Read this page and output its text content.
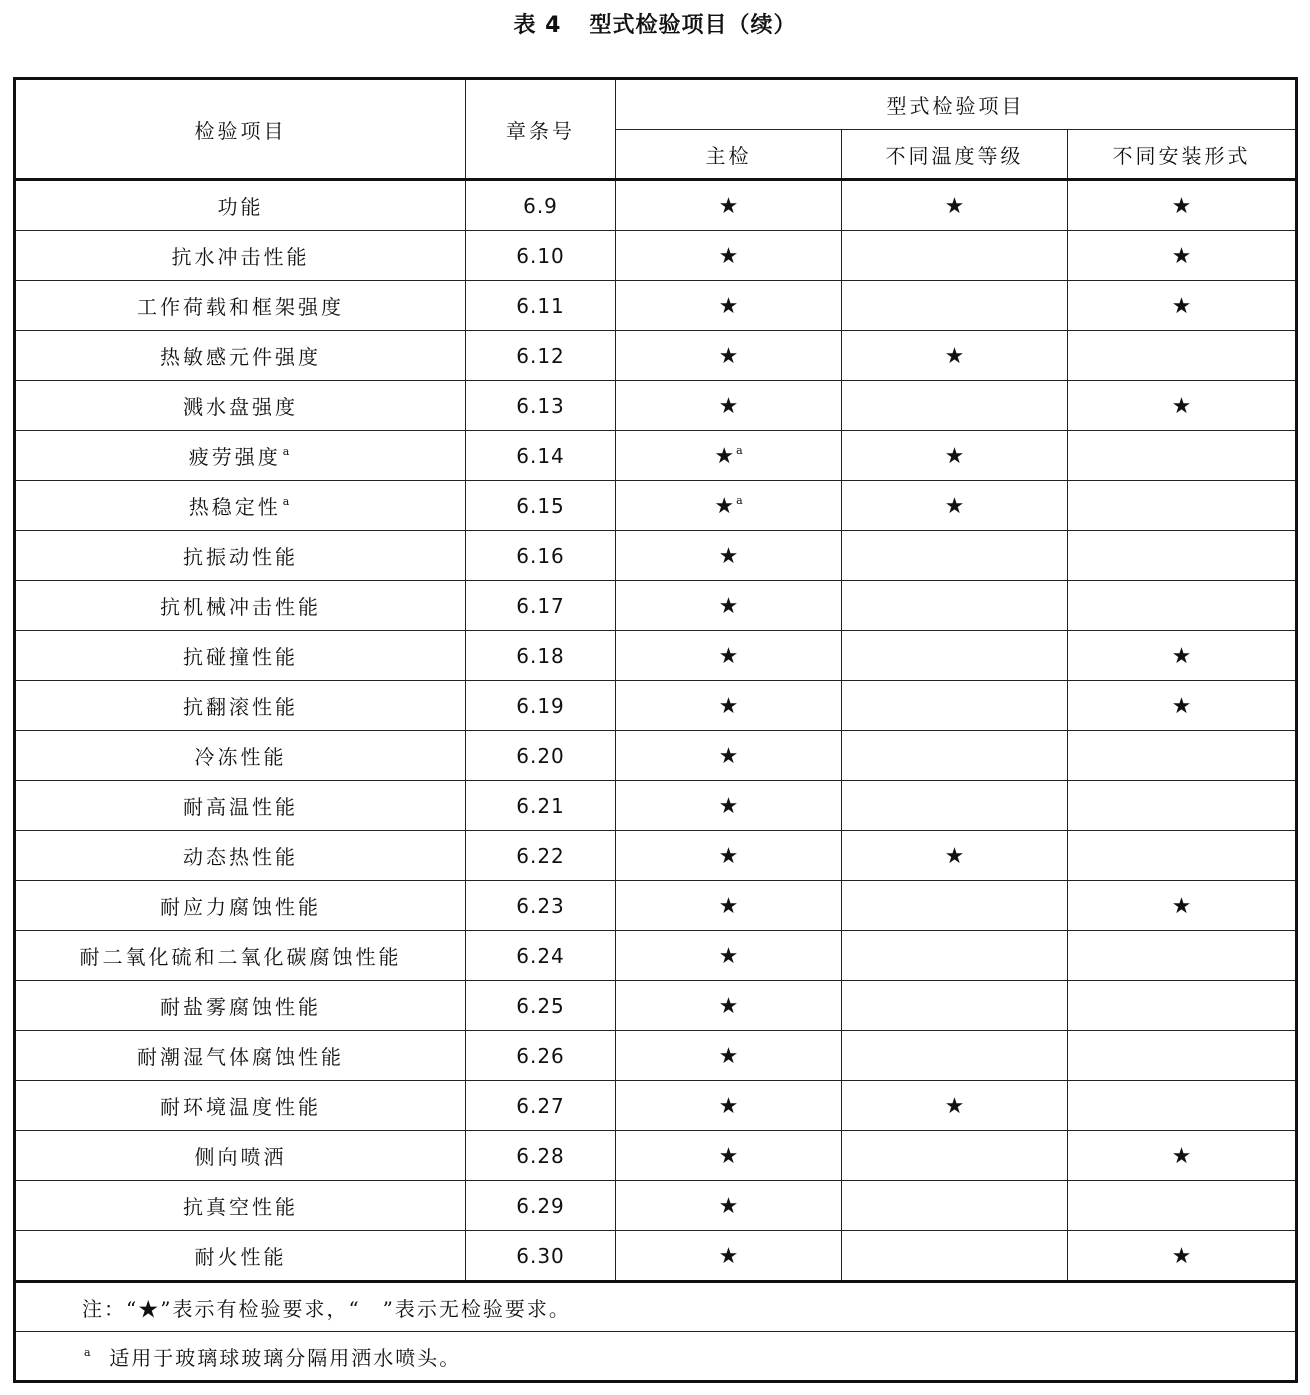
表 4 型式检验项目（续）
检验项目	章条号	型式检验项目		
		主检	不同温度等级	不同安装形式
功能	6.9	★	★	★
抗水冲击性能	6.10	★		★
工作荷载和框架强度	6.11	★		★
热敏感元件强度	6.12	★	★	
溅水盘强度	6.13	★		★
疲劳强度 $^a$	6.14	★ $^a$	★	
热稳定性 $^a$	6.15	★ $^a$	★	
抗振动性能	6.16	★		
抗机械冲击性能	6.17	★		
抗碰撞性能	6.18	★		★
抗翻滚性能	6.19	★		★
冷冻性能	6.20	★		
耐高温性能	6.21	★		
动态热性能	6.22	★	★	
耐应力腐蚀性能	6.23	★		★
耐二氧化硫和二氧化碳腐蚀性能	6.24	★		
耐盐雾腐蚀性能	6.25	★		
耐潮湿气体腐蚀性能	6.26	★		
耐环境温度性能	6.27	★	★	
侧向喷洒	6.28	★		★
抗真空性能	6.29	★		
耐火性能	6.30	★		★
注：“★”表示有检验要求，“　”表示无检验要求。				
$^a$ 适用于玻璃球玻璃分隔用洒水喷头。				
